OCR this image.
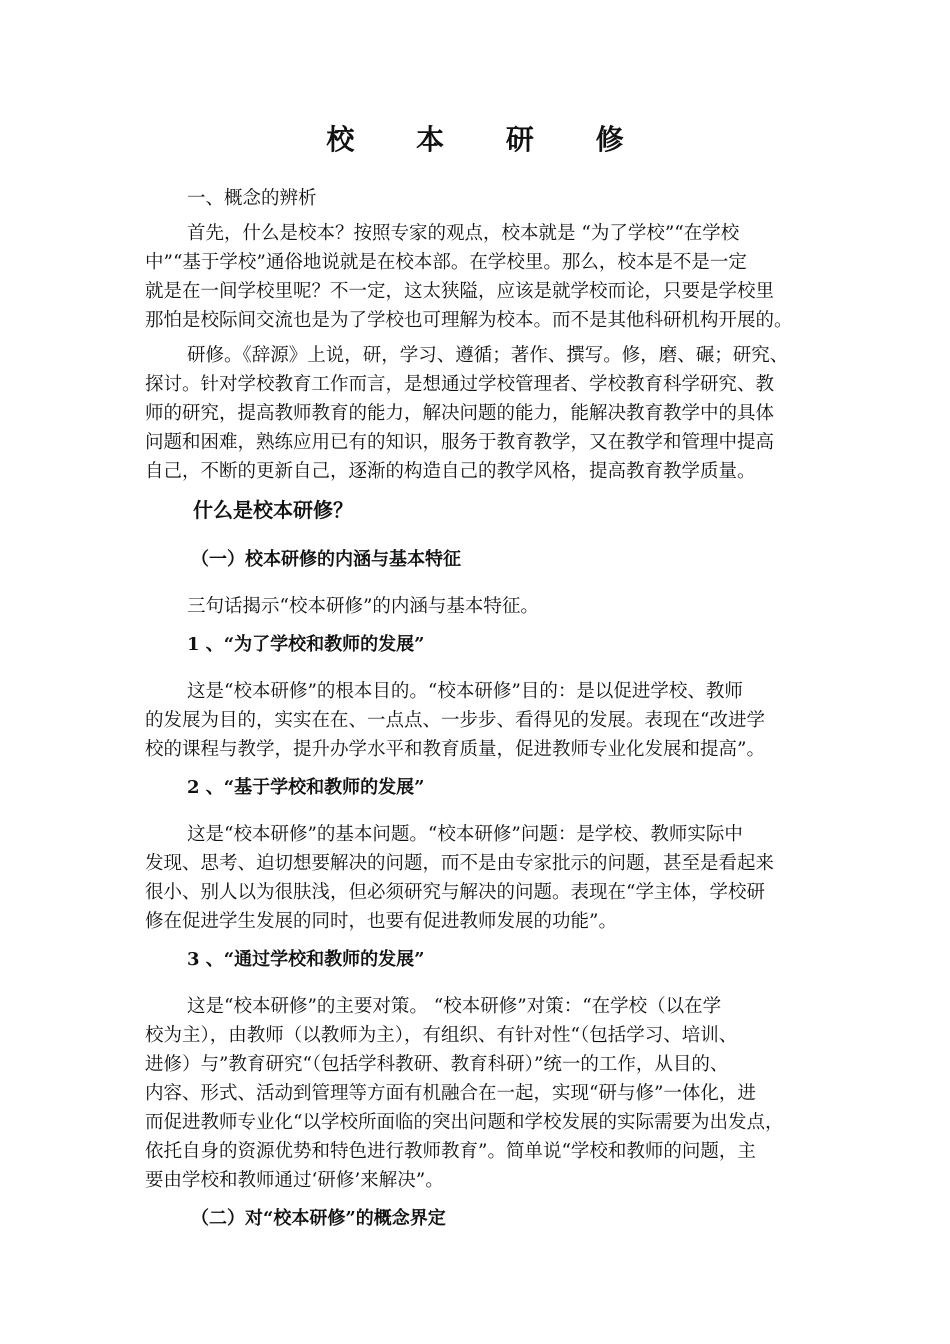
校 本 研 修

一、概念的辨析

首先，什么是校本？按照专家的观点，校本就是 “为了学校”“在学校

中”“基于学校”通俗地说就是在校本部。在学校里。那么，校本是不是一定

就是在一间学校里呢？不一定，这太狭隘，应该是就学校而论，只要是学校里

那怕是校际间交流也是为了学校也可理解为校本。而不是其他科研机构开展的。

研修。《辞源》上说，研，学习、遵循；著作、撰写。修，磨、碾；研究、

探讨。针对学校教育工作而言，是想通过学校管理者、学校教育科学研究、教

师的研究，提高教师教育的能力，解决问题的能力，能解决教育教学中的具体

问题和困难，熟练应用已有的知识，服务于教育教学，又在教学和管理中提高

自己，不断的更新自己，逐渐的构造自己的教学风格，提高教育教学质量。

什么是校本研修？

（一）校本研修的内涵与基本特征

三句话揭示“校本研修”的内涵与基本特征。

1 、“为了学校和教师的发展”

这是“校本研修”的根本目的。“校本研修”目的：是以促进学校、教师

的发展为目的，实实在在、一点点、一步步、看得见的发展。表现在“改进学

校的课程与教学，提升办学水平和教育质量，促进教师专业化发展和提高”。

2 、“基于学校和教师的发展”

这是“校本研修”的基本问题。“校本研修”问题：是学校、教师实际中

发现、思考、迫切想要解决的问题，而不是由专家批示的问题，甚至是看起来

很小、别人以为很肤浅，但必须研究与解决的问题。表现在“学主体，学校研

修在促进学生发展的同时，也要有促进教师发展的功能”。

3 、“通过学校和教师的发展”

这是“校本研修”的主要对策。 “校本研修”对策：“在学校（以在学

校为主），由教师（以教师为主），有组织、有针对性“（包括学习、培训、

进修）与”教育研究“（包括学科教研、教育科研）”统一的工作，从目的、

内容、形式、活动到管理等方面有机融合在一起，实现“研与修”一体化，进

而促进教师专业化“以学校所面临的突出问题和学校发展的实际需要为出发点，

依托自身的资源优势和特色进行教师教育”。简单说“学校和教师的问题，主

要由学校和教师通过‘研修’来解决”。

（二）对“校本研修”的概念界定
